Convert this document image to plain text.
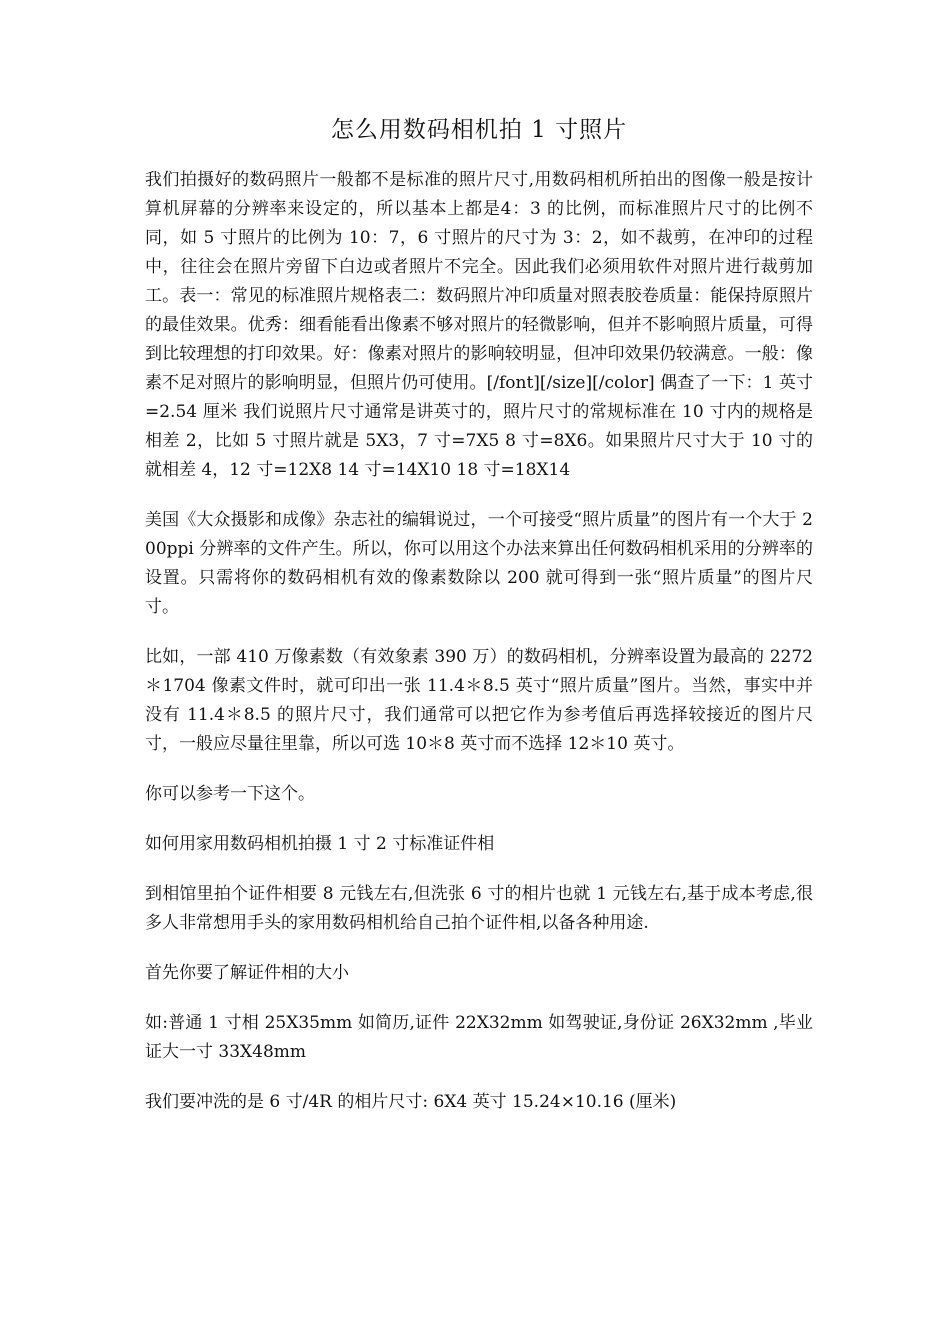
怎么用数码相机拍 1 寸照片

我们拍摄好的数码照片一般都不是标准的照片尺寸,用数码相机所拍出的图像一般是按计算机屏幕的分辨率来设定的，所以基本上都是4：3 的比例，而标准照片尺寸的比例不同，如 5 寸照片的比例为 10：7，6 寸照片的尺寸为 3：2，如不裁剪，在冲印的过程中，往往会在照片旁留下白边或者照片不完全。因此我们必须用软件对照片进行裁剪加工。表一：常见的标准照片规格表二：数码照片冲印质量对照表胶卷质量：能保持原照片的最佳效果。优秀：细看能看出像素不够对照片的轻微影响，但并不影响照片质量，可得到比较理想的打印效果。好：像素对照片的影响较明显，但冲印效果仍较满意。一般：像素不足对照片的影响明显，但照片仍可使用。[/font][/size][/color] 偶查了一下：1 英寸=2.54 厘米 我们说照片尺寸通常是讲英寸的，照片尺寸的常规标准在 10 寸内的规格是相差 2，比如 5 寸照片就是 5X3，7 寸=7X5 8 寸=8X6。如果照片尺寸大于 10 寸的就相差 4，12 寸=12X8 14 寸=14X10 18 寸=18X14

美国《大众摄影和成像》杂志社的编辑说过，一个可接受“照片质量”的图片有一个大于 200ppi 分辨率的文件产生。所以，你可以用这个办法来算出任何数码相机采用的分辨率的设置。只需将你的数码相机有效的像素数除以 200 就可得到一张“照片质量”的图片尺寸。

比如，一部 410 万像素数（有效象素 390 万）的数码相机，分辨率设置为最高的 2272＊1704 像素文件时，就可印出一张 11.4＊8.5 英寸“照片质量”图片。当然，事实中并没有 11.4＊8.5 的照片尺寸，我们通常可以把它作为参考值后再选择较接近的图片尺寸，一般应尽量往里靠，所以可选 10＊8 英寸而不选择 12＊10 英寸。

你可以参考一下这个。

如何用家用数码相机拍摄 1 寸 2 寸标准证件相

到相馆里拍个证件相要 8 元钱左右,但洗张 6 寸的相片也就 1 元钱左右,基于成本考虑,很多人非常想用手头的家用数码相机给自己拍个证件相,以备各种用途.

首先你要了解证件相的大小

如:普通 1 寸相 25X35mm 如简历,证件 22X32mm 如驾驶证,身份证 26X32mm ,毕业证大一寸 33X48mm

我们要冲洗的是 6 寸/4R 的相片尺寸: 6X4 英寸 15.24×10.16 (厘米)
